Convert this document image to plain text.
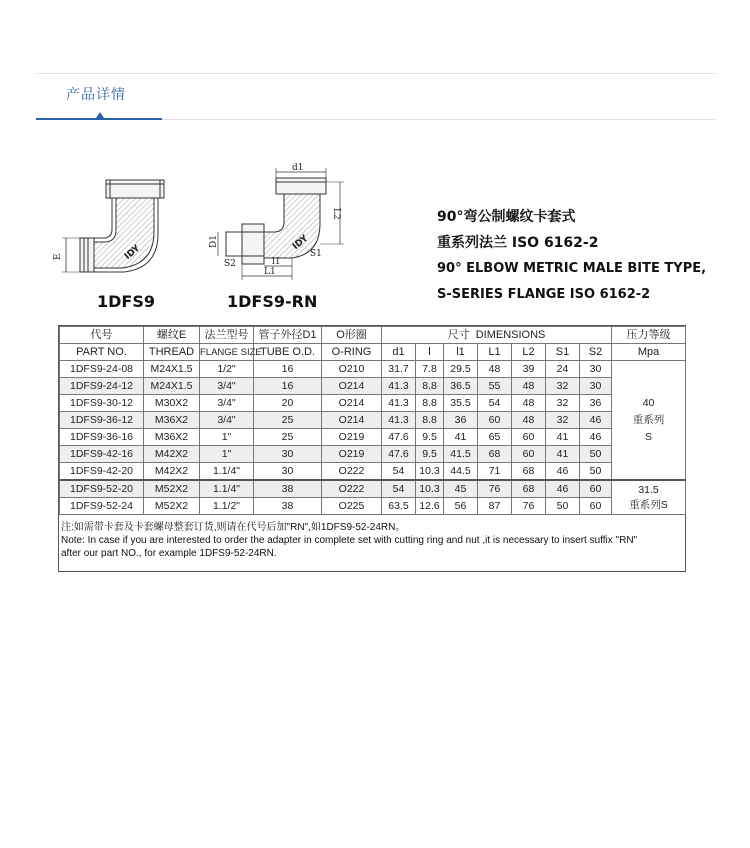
产品详情
E	IDY
1DFS9
d1
L2
D1
S1
S2	l1
L1
IDY
1DFS9-RN
90°弯公制螺纹卡套式
重系列法兰 ISO 6162-2
90° ELBOW METRIC MALE BITE TYPE,
S-SERIES FLANGE ISO 6162-2
代号	螺纹E	法兰型号	管子外径D1	O形圈	尺寸  DIMENSIONS							压力等级
PART NO.	THREAD	FLANGE SIZE	TUBE O.D.	O-RING	d1	l	l1	L1	L2	S1	S2	Mpa
1DFS9-24-08	M24X1.5	1/2"	16	O210	31.7	7.8	29.5	48	39	24	30	40
重系列
S

1DFS9-24-12	M24X1.5	3/4"	16	O214	41.3	8.8	36.5	55	48	32	30	
1DFS9-30-12	M30X2	3/4"	20	O214	41.3	8.8	35.5	54	48	32	36	
1DFS9-36-12	M36X2	3/4"	25	O214	41.3	8.8	36	60	48	32	46	
1DFS9-36-16	M36X2	1"	25	O219	47.6	9.5	41	65	60	41	46	
1DFS9-42-16	M42X2	1"	30	O219	47.6	9.5	41.5	68	60	41	50	
1DFS9-42-20	M42X2	1.1/4"	30	O222	54	10.3	44.5	71	68	46	50	
1DFS9-52-20	M52X2	1.1/4"	38	O222	54	10.3	45	76	68	46	60	31.5
重系列S

1DFS9-52-24	M52X2	1.1/2"	38	O225	63.5	12.6	56	87	76	50	60	
注:如需带卡套及卡套螺母整套订货,则请在代号后加"RN",如1DFS9-52-24RN。
Note: In case if you are interested to order the adapter in complete set with cutting ring and nut ,it is necessary to insert suffix "RN"
after our part NO., for example 1DFS9-52-24RN.
